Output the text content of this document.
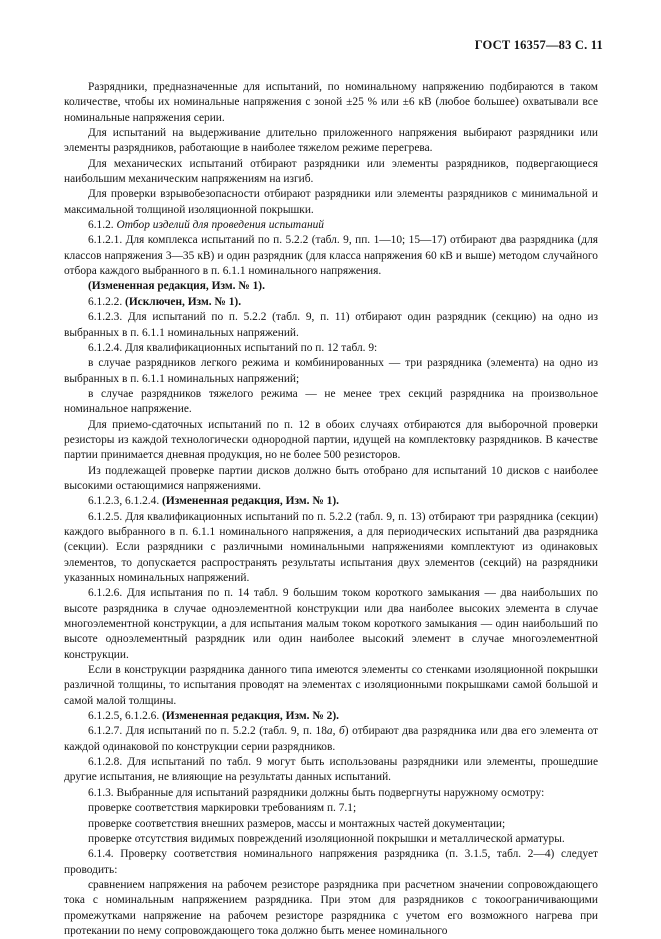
ГОСТ 16357—83 С. 11

Разрядники, предназначенные для испытаний, по номинальному напряжению подбираются в таком количестве, чтобы их номинальные напряжения с зоной ±25 % или ±6 кВ (любое большее) охватывали все номинальные напряжения серии.

Для испытаний на выдерживание длительно приложенного напряжения выбирают разрядники или элементы разрядников, работающие в наиболее тяжелом режиме перегрева.

Для механических испытаний отбирают разрядники или элементы разрядников, подвергающиеся наибольшим механическим напряжениям на изгиб.

Для проверки взрывобезопасности отбирают разрядники или элементы разрядников с минимальной и максимальной толщиной изоляционной покрышки.

6.1.2. Отбор изделий для проведения испытаний

6.1.2.1. Для комплекса испытаний по п. 5.2.2 (табл. 9, пп. 1—10; 15—17) отбирают два разрядника (для классов напряжения 3—35 кВ) и один разрядник (для класса напряжения 60 кВ и выше) методом случайного отбора каждого выбранного в п. 6.1.1 номинального напряжения.

(Измененная редакция, Изм. № 1).

6.1.2.2. (Исключен, Изм. № 1).

6.1.2.3. Для испытаний по п. 5.2.2 (табл. 9, п. 11) отбирают один разрядник (секцию) на одно из выбранных в п. 6.1.1 номинальных напряжений.

6.1.2.4. Для квалификационных испытаний по п. 12 табл. 9:

в случае разрядников легкого режима и комбинированных — три разрядника (элемента) на одно из выбранных в п. 6.1.1 номинальных напряжений;

в случае разрядников тяжелого режима — не менее трех секций разрядника на произвольное номинальное напряжение.

Для приемо-сдаточных испытаний по п. 12 в обоих случаях отбираются для выборочной проверки резисторы из каждой технологически однородной партии, идущей на комплектовку разрядников. В качестве партии принимается дневная продукция, но не более 500 резисторов.

Из подлежащей проверке партии дисков должно быть отобрано для испытаний 10 дисков с наиболее высокими остающимися напряжениями.

6.1.2.3, 6.1.2.4. (Измененная редакция, Изм. № 1).

6.1.2.5. Для квалификационных испытаний по п. 5.2.2 (табл. 9, п. 13) отбирают три разрядника (секции) каждого выбранного в п. 6.1.1 номинального напряжения, а для периодических испытаний два разрядника (секции). Если разрядники с различными номинальными напряжениями комплектуют из одинаковых элементов, то допускается распространять результаты испытания двух элементов (секций) на разрядники указанных номинальных напряжений.

6.1.2.6. Для испытания по п. 14 табл. 9 большим током короткого замыкания — два наибольших по высоте разрядника в случае одноэлементной конструкции или два наиболее высоких элемента в случае многоэлементной конструкции, а для испытания малым током короткого замыкания — один наибольший по высоте одноэлементный разрядник или один наиболее высокий элемент в случае многоэлементной конструкции.

Если в конструкции разрядника данного типа имеются элементы со стенками изоляционной покрышки различной толщины, то испытания проводят на элементах с изоляционными покрышками самой большой и самой малой толщины.

6.1.2.5, 6.1.2.6. (Измененная редакция, Изм. № 2).

6.1.2.7. Для испытаний по п. 5.2.2 (табл. 9, п. 18а, б) отбирают два разрядника или два его элемента от каждой одинаковой по конструкции серии разрядников.

6.1.2.8. Для испытаний по табл. 9 могут быть использованы разрядники или элементы, прошедшие другие испытания, не влияющие на результаты данных испытаний.

6.1.3. Выбранные для испытаний разрядники должны быть подвергнуты наружному осмотру:

проверке соответствия маркировки требованиям п. 7.1;

проверке соответствия внешних размеров, массы и монтажных частей документации;

проверке отсутствия видимых повреждений изоляционной покрышки и металлической арматуры.

6.1.4. Проверку соответствия номинального напряжения разрядника (п. 3.1.5, табл. 2—4) следует проводить:

сравнением напряжения на рабочем резисторе разрядника при расчетном значении сопровождающего тока с номинальным напряжением разрядника. При этом для разрядников с токоограничивающими промежутками напряжение на рабочем резисторе разрядника с учетом его возможного нагрева при протекании по нему сопровождающего тока должно быть менее номинального
